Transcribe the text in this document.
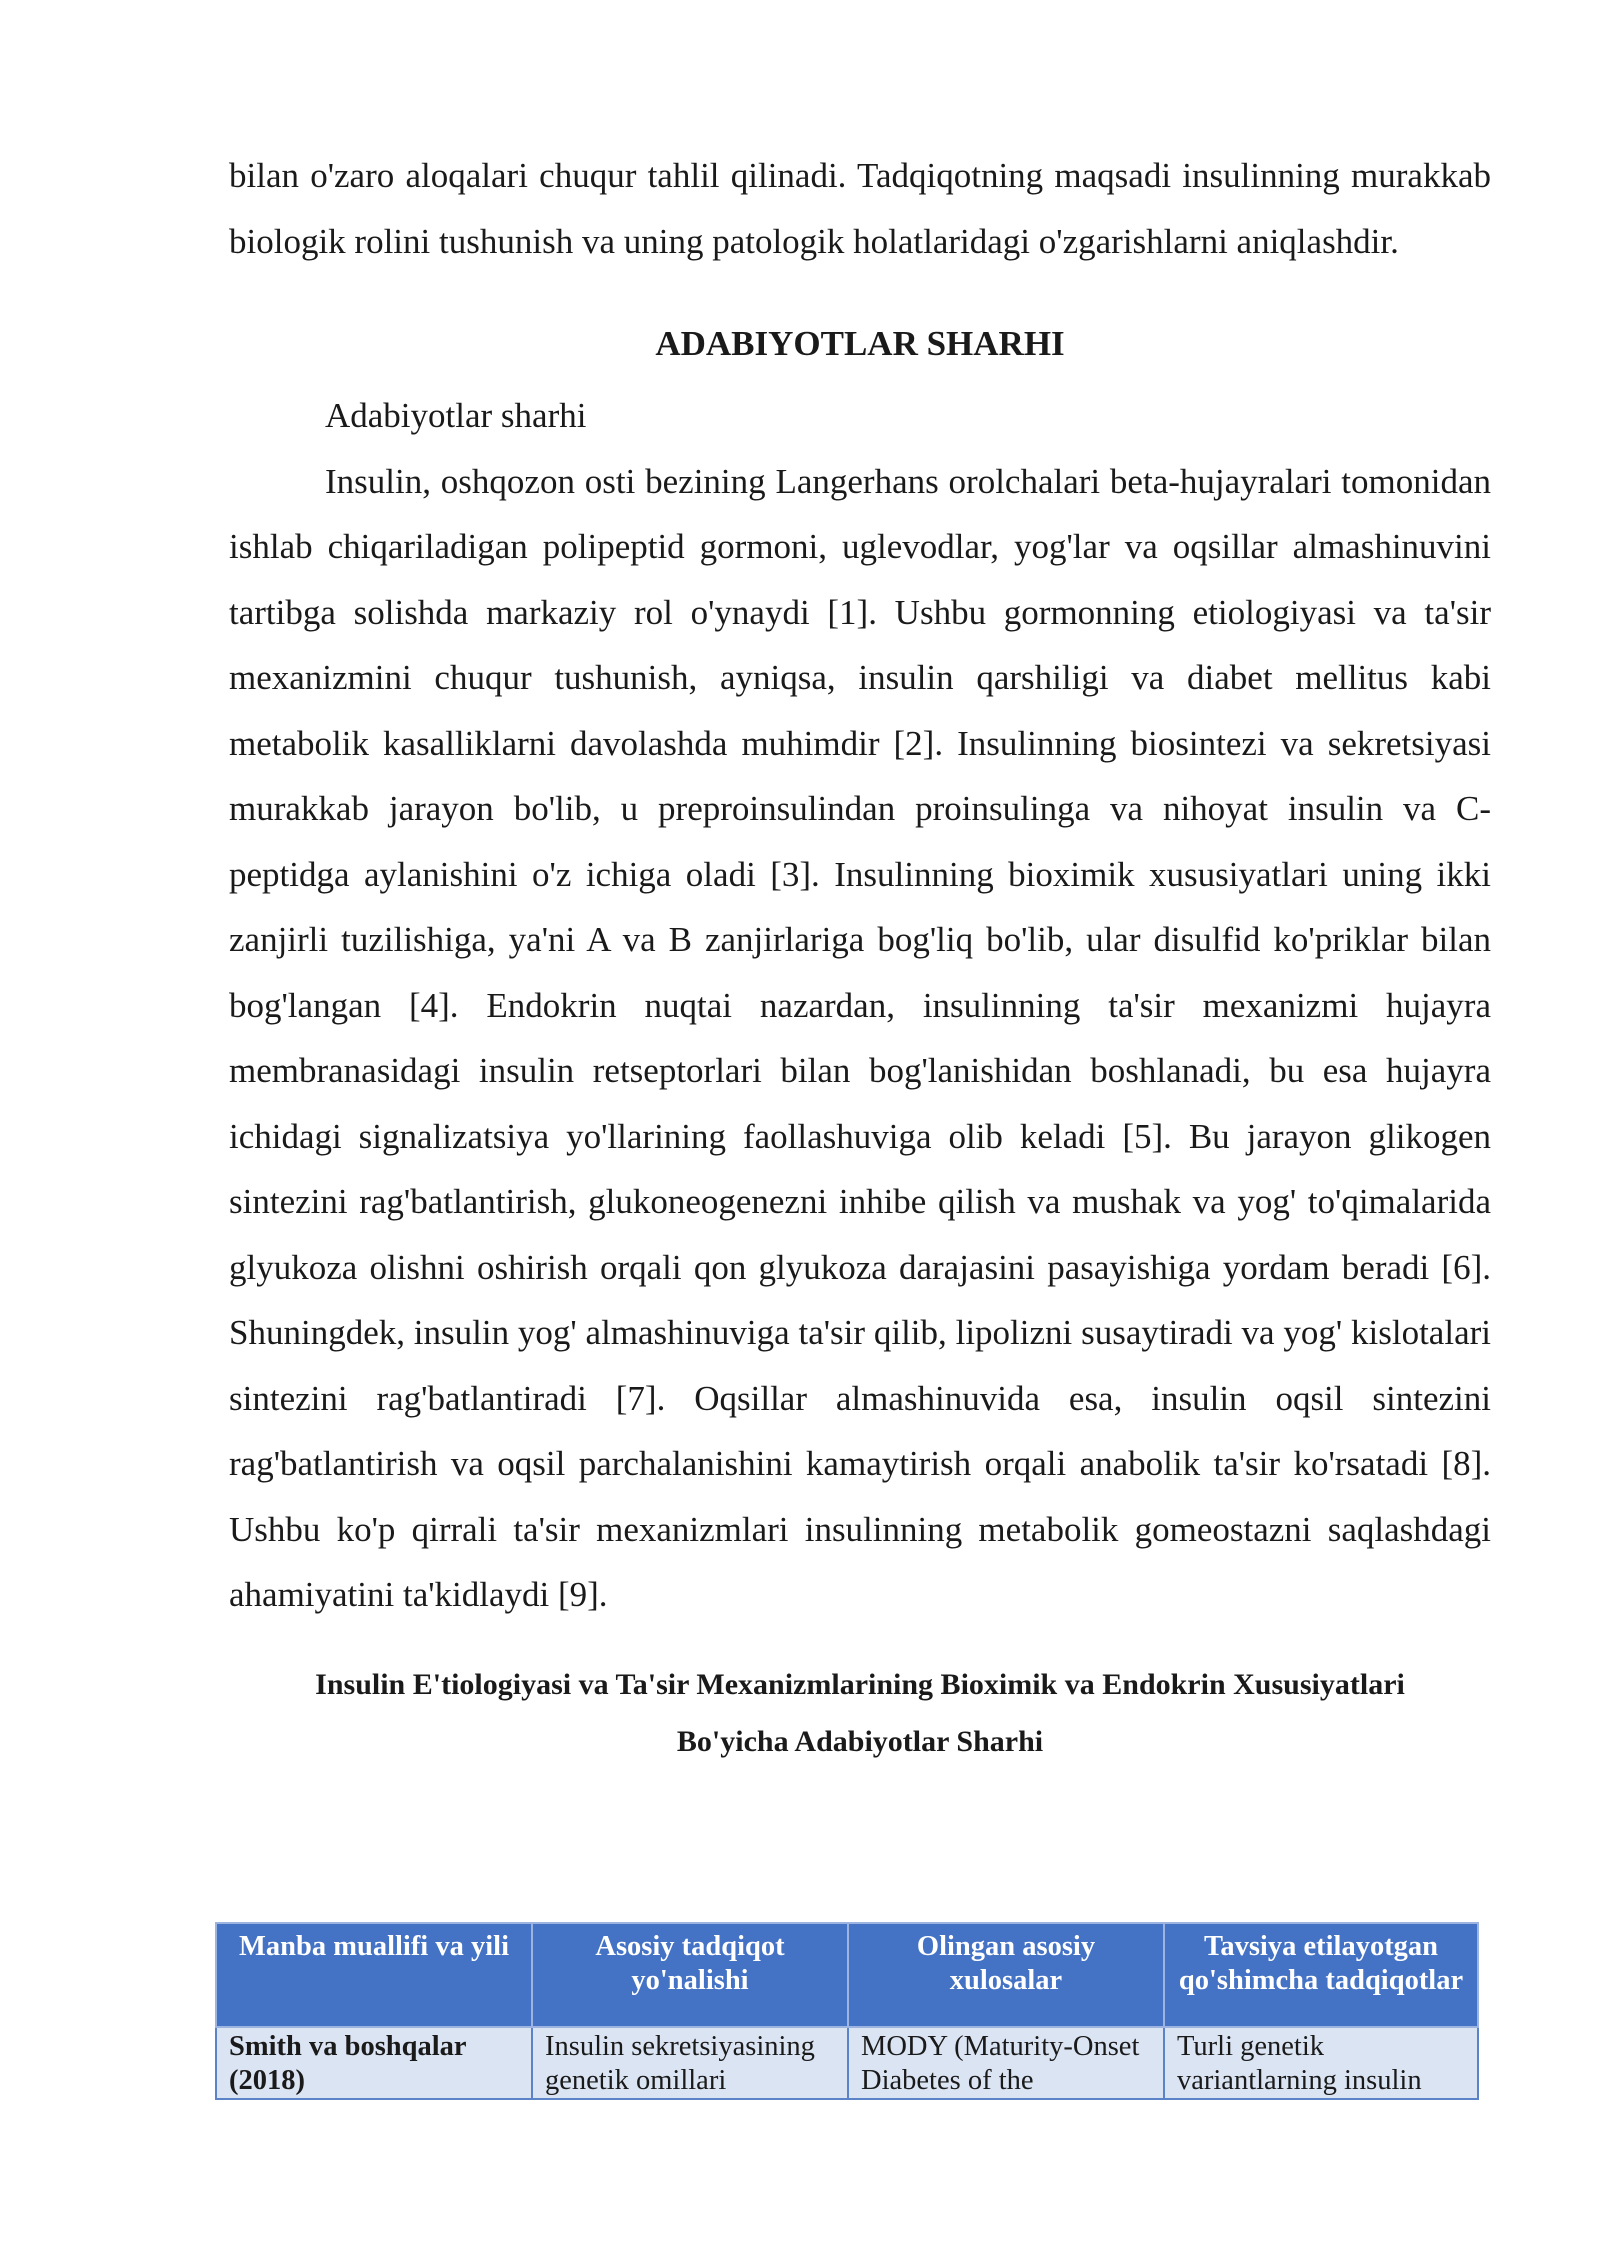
bilan o'zaro aloqalari chuqur tahlil qilinadi. Tadqiqotning maqsadi insulinning murakkab biologik rolini tushunish va uning patologik holatlaridagi o'zgarishlarni aniqlashdir.

ADABIYOTLAR SHARHI

Adabiyotlar sharhi

Insulin, oshqozon osti bezining Langerhans orolchalari beta-hujayralari tomonidan ishlab chiqariladigan polipeptid gormoni, uglevodlar, yog'lar va oqsillar almashinuvini tartibga solishda markaziy rol o'ynaydi [1]. Ushbu gormonning etiologiyasi va ta'sir mexanizmini chuqur tushunish, ayniqsa, insulin qarshiligi va diabet mellitus kabi metabolik kasalliklarni davolashda muhimdir [2]. Insulinning biosintezi va sekretsiyasi murakkab jarayon bo'lib, u preproinsulindan proinsulinga va nihoyat insulin va C-peptidga aylanishini o'z ichiga oladi [3]. Insulinning bioximik xususiyatlari uning ikki zanjirli tuzilishiga, ya'ni A va B zanjirlariga bog'liq bo'lib, ular disulfid ko'priklar bilan bog'langan [4]. Endokrin nuqtai nazardan, insulinning ta'sir mexanizmi hujayra membranasidagi insulin retseptorlari bilan bog'lanishidan boshlanadi, bu esa hujayra ichidagi signalizatsiya yo'llarining faollashuviga olib keladi [5]. Bu jarayon glikogen sintezini rag'batlantirish, glukoneogenezni inhibe qilish va mushak va yog' to'qimalarida glyukoza olishni oshirish orqali qon glyukoza darajasini pasayishiga yordam beradi [6]. Shuningdek, insulin yog' almashinuviga ta'sir qilib, lipolizni susaytiradi va yog' kislotalari sintezini rag'batlantiradi [7]. Oqsillar almashinuvida esa, insulin oqsil sintezini rag'batlantirish va oqsil parchalanishini kamaytirish orqali anabolik ta'sir ko'rsatadi [8]. Ushbu ko'p qirrali ta'sir mexanizmlari insulinning metabolik gomeostazni saqlashdagi ahamiyatini ta'kidlaydi [9].

Insulin E'tiologiyasi va Ta'sir Mexanizmlarining Bioximik va Endokrin Xususiyatlari
Bo'yicha Adabiyotlar Sharhi
Manba muallifi va yili	Asosiy tadqiqot yo'nalishi	Olingan asosiy xulosalar	Tavsiya etilayotgan qo'shimcha tadqiqotlar
Smith va boshqalar (2018)	Insulin sekretsiyasining genetik omillari	MODY (Maturity-Onset Diabetes of the	Turli genetik variantlarning insulin
